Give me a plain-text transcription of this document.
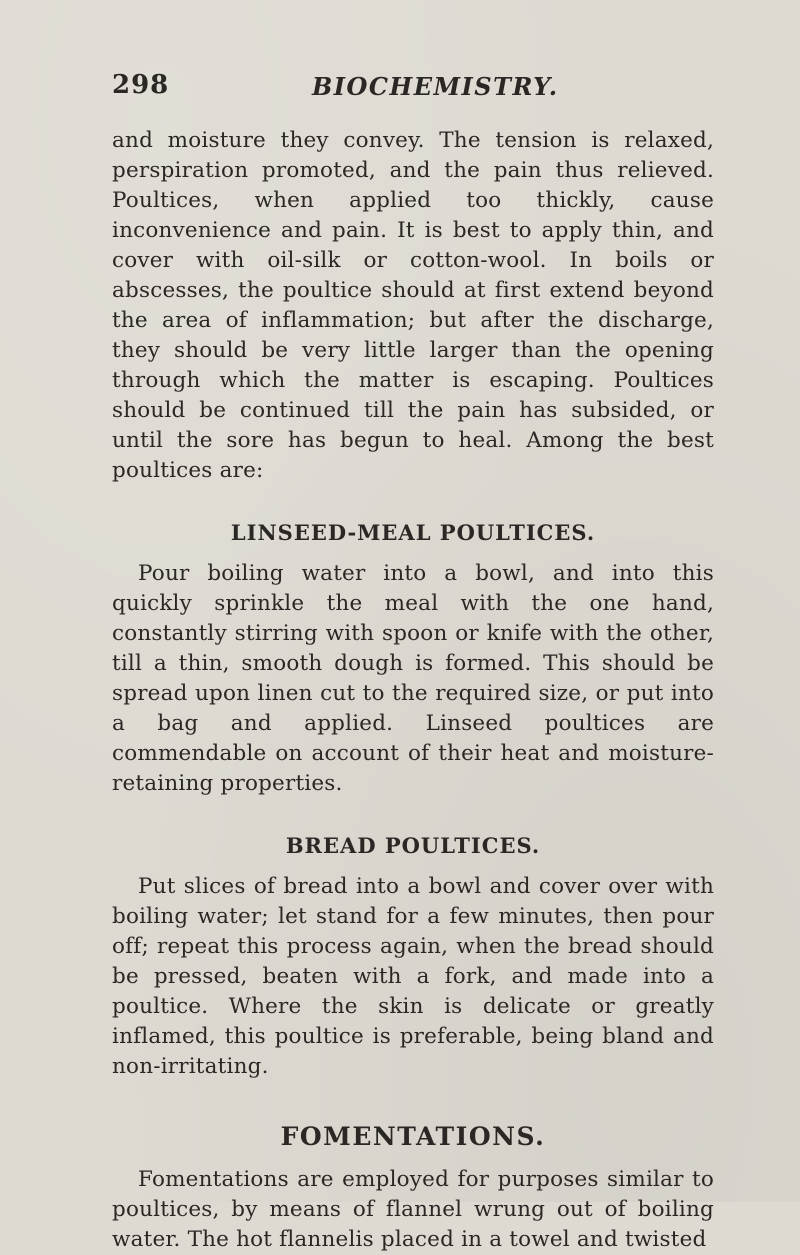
298	BIOCHEMISTRY.

and moisture they convey. The tension is relaxed, perspiration promoted, and the pain thus relieved. Poultices, when applied too thickly, cause inconvenience and pain. It is best to apply thin, and cover with oil-silk or cotton-wool. In boils or abscesses, the poultice should at first extend beyond the area of inflammation; but after the discharge, they should be very little larger than the opening through which the matter is escaping. Poultices should be continued till the pain has subsided, or until the sore has begun to heal. Among the best poultices are:

LINSEED-MEAL POULTICES.

Pour boiling water into a bowl, and into this quickly sprinkle the meal with the one hand, constantly stirring with spoon or knife with the other, till a thin, smooth dough is formed. This should be spread upon linen cut to the required size, or put into a bag and applied. Linseed poultices are commendable on account of their heat and moisture-retaining properties.

BREAD POULTICES.

Put slices of bread into a bowl and cover over with boiling water; let stand for a few minutes, then pour off; repeat this process again, when the bread should be pressed, beaten with a fork, and made into a poultice. Where the skin is delicate or greatly inflamed, this poultice is preferable, being bland and non-irritating.

FOMENTATIONS.

Fomentations are employed for purposes similar to poultices, by means of flannel wrung out of boiling water. The hot flannelis placed in a towel and twisted
